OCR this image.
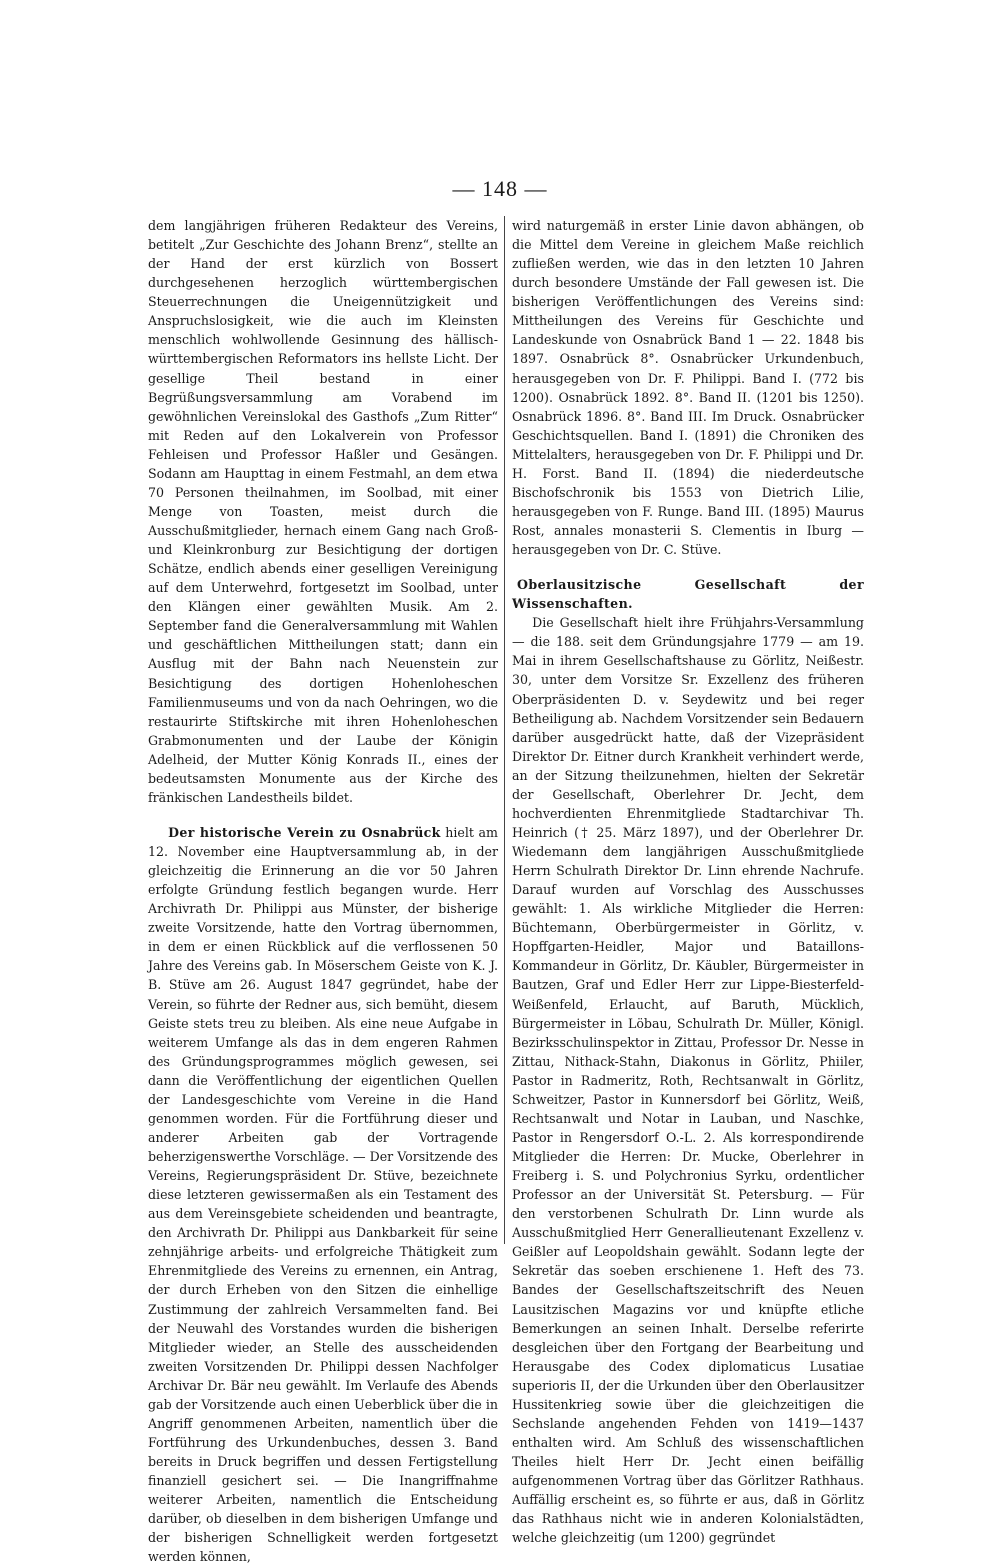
— 148 —

dem langjährigen früheren Redakteur des Vereins, betitelt „Zur Geschichte des Johann Brenz“, stellte an der Hand der erst kürzlich von Bossert durchgesehenen herzoglich württembergischen Steuerrechnungen die Uneigennützigkeit und Anspruchslosigkeit, wie die auch im Kleinsten menschlich wohlwollende Gesinnung des hällisch-württembergischen Reformators ins hellste Licht. Der gesellige Theil bestand in einer Begrüßungsversammlung am Vorabend im gewöhnlichen Vereinslokal des Gasthofs „Zum Ritter“ mit Reden auf den Lokalverein von Professor Fehleisen und Professor Haßler und Gesängen. Sodann am Haupttag in einem Festmahl, an dem etwa 70 Personen theilnahmen, im Soolbad, mit einer Menge von Toasten, meist durch die Ausschußmitglieder, hernach einem Gang nach Groß- und Kleinkronburg zur Besichtigung der dortigen Schätze, endlich abends einer geselligen Vereinigung auf dem Unterwehrd, fortgesetzt im Soolbad, unter den Klängen einer gewählten Musik. Am 2. September fand die Generalversammlung mit Wahlen und geschäftlichen Mittheilungen statt; dann ein Ausflug mit der Bahn nach Neuenstein zur Besichtigung des dortigen Hohenloheschen Familienmuseums und von da nach Oehringen, wo die restaurirte Stiftskirche mit ihren Hohenloheschen Grabmonumenten und der Laube der Königin Adelheid, der Mutter König Konrads II., eines der bedeutsamsten Monumente aus der Kirche des fränkischen Landestheils bildet.

Der historische Verein zu Osnabrück hielt am 12. November eine Hauptversammlung ab, in der gleichzeitig die Erinnerung an die vor 50 Jahren erfolgte Gründung festlich begangen wurde. Herr Archivrath Dr. Philippi aus Münster, der bisherige zweite Vorsitzende, hatte den Vortrag übernommen, in dem er einen Rückblick auf die verflossenen 50 Jahre des Vereins gab. In Möserschem Geiste von K. J. B. Stüve am 26. August 1847 gegründet, habe der Verein, so führte der Redner aus, sich bemüht, diesem Geiste stets treu zu bleiben. Als eine neue Aufgabe in weiterem Umfange als das in dem engeren Rahmen des Gründungsprogrammes möglich gewesen, sei dann die Veröffentlichung der eigentlichen Quellen der Landesgeschichte vom Vereine in die Hand genommen worden. Für die Fortführung dieser und anderer Arbeiten gab der Vortragende beherzigenswerthe Vorschläge. — Der Vorsitzende des Vereins, Regierungspräsident Dr. Stüve, bezeichnete diese letzteren gewissermaßen als ein Testament des aus dem Vereinsgebiete scheidenden und beantragte, den Archivrath Dr. Philippi aus Dankbarkeit für seine zehnjährige arbeits- und erfolgreiche Thätigkeit zum Ehrenmitgliede des Vereins zu ernennen, ein Antrag, der durch Erheben von den Sitzen die einhellige Zustimmung der zahlreich Versammelten fand. Bei der Neuwahl des Vorstandes wurden die bisherigen Mitglieder wieder, an Stelle des ausscheidenden zweiten Vorsitzenden Dr. Philippi dessen Nachfolger Archivar Dr. Bär neu gewählt. Im Verlaufe des Abends gab der Vorsitzende auch einen Ueberblick über die in Angriff genommenen Arbeiten, namentlich über die Fortführung des Urkundenbuches, dessen 3. Band bereits in Druck begriffen und dessen Fertigstellung finanziell gesichert sei. — Die Inangriffnahme weiterer Arbeiten, namentlich die Entscheidung darüber, ob dieselben in dem bisherigen Umfange und der bisherigen Schnelligkeit werden fortgesetzt werden können,

wird naturgemäß in erster Linie davon abhängen, ob die Mittel dem Vereine in gleichem Maße reichlich zufließen werden, wie das in den letzten 10 Jahren durch besondere Umstände der Fall gewesen ist. Die bisherigen Veröffentlichungen des Vereins sind: Mittheilungen des Vereins für Geschichte und Landeskunde von Osnabrück Band 1 — 22. 1848 bis 1897. Osnabrück 8°. Osnabrücker Urkundenbuch, herausgegeben von Dr. F. Philippi. Band I. (772 bis 1200). Osnabrück 1892. 8°. Band II. (1201 bis 1250). Osnabrück 1896. 8°. Band III. Im Druck. Osnabrücker Geschichtsquellen. Band I. (1891) die Chroniken des Mittelalters, herausgegeben von Dr. F. Philippi und Dr. H. Forst. Band II. (1894) die niederdeutsche Bischofschronik bis 1553 von Dietrich Lilie, herausgegeben von F. Runge. Band III. (1895) Maurus Rost, annales monasterii S. Clementis in Iburg — herausgegeben von Dr. C. Stüve.

Oberlausitzische Gesellschaft der Wissenschaften.

Die Gesellschaft hielt ihre Frühjahrs-Versammlung — die 188. seit dem Gründungsjahre 1779 — am 19. Mai in ihrem Gesellschaftshause zu Görlitz, Neißestr. 30, unter dem Vorsitze Sr. Exzellenz des früheren Oberpräsidenten D. v. Seydewitz und bei reger Betheiligung ab. Nachdem Vorsitzender sein Bedauern darüber ausgedrückt hatte, daß der Vizepräsident Direktor Dr. Eitner durch Krankheit verhindert werde, an der Sitzung theilzunehmen, hielten der Sekretär der Gesellschaft, Oberlehrer Dr. Jecht, dem hochverdienten Ehrenmitgliede Stadtarchivar Th. Heinrich († 25. März 1897), und der Oberlehrer Dr. Wiedemann dem langjährigen Ausschußmitgliede Herrn Schulrath Direktor Dr. Linn ehrende Nachrufe. Darauf wurden auf Vorschlag des Ausschusses gewählt: 1. Als wirkliche Mitglieder die Herren: Büchtemann, Oberbürgermeister in Görlitz, v. Hopffgarten-Heidler, Major und Bataillons-Kommandeur in Görlitz, Dr. Käubler, Bürgermeister in Bautzen, Graf und Edler Herr zur Lippe-Biesterfeld-Weißenfeld, Erlaucht, auf Baruth, Mücklich, Bürgermeister in Löbau, Schulrath Dr. Müller, Königl. Bezirksschulinspektor in Zittau, Professor Dr. Nesse in Zittau, Nithack-Stahn, Diakonus in Görlitz, Phiiler, Pastor in Radmeritz, Roth, Rechtsanwalt in Görlitz, Schweitzer, Pastor in Kunnersdorf bei Görlitz, Weiß, Rechtsanwalt und Notar in Lauban, und Naschke, Pastor in Rengersdorf O.-L. 2. Als korrespondirende Mitglieder die Herren: Dr. Mucke, Oberlehrer in Freiberg i. S. und Polychronius Syrku, ordentlicher Professor an der Universität St. Petersburg. — Für den verstorbenen Schulrath Dr. Linn wurde als Ausschußmitglied Herr Generallieutenant Exzellenz v. Geißler auf Leopoldshain gewählt. Sodann legte der Sekretär das soeben erschienene 1. Heft des 73. Bandes der Gesellschaftszeitschrift des Neuen Lausitzischen Magazins vor und knüpfte etliche Bemerkungen an seinen Inhalt. Derselbe referirte desgleichen über den Fortgang der Bearbeitung und Herausgabe des Codex diplomaticus Lusatiae superioris II, der die Urkunden über den Oberlausitzer Hussitenkrieg sowie über die gleichzeitigen die Sechslande angehenden Fehden von 1419—1437 enthalten wird. Am Schluß des wissenschaftlichen Theiles hielt Herr Dr. Jecht einen beifällig aufgenommenen Vortrag über das Görlitzer Rathhaus. Auffällig erscheint es, so führte er aus, daß in Görlitz das Rathhaus nicht wie in anderen Kolonialstädten, welche gleichzeitig (um 1200) gegründet
